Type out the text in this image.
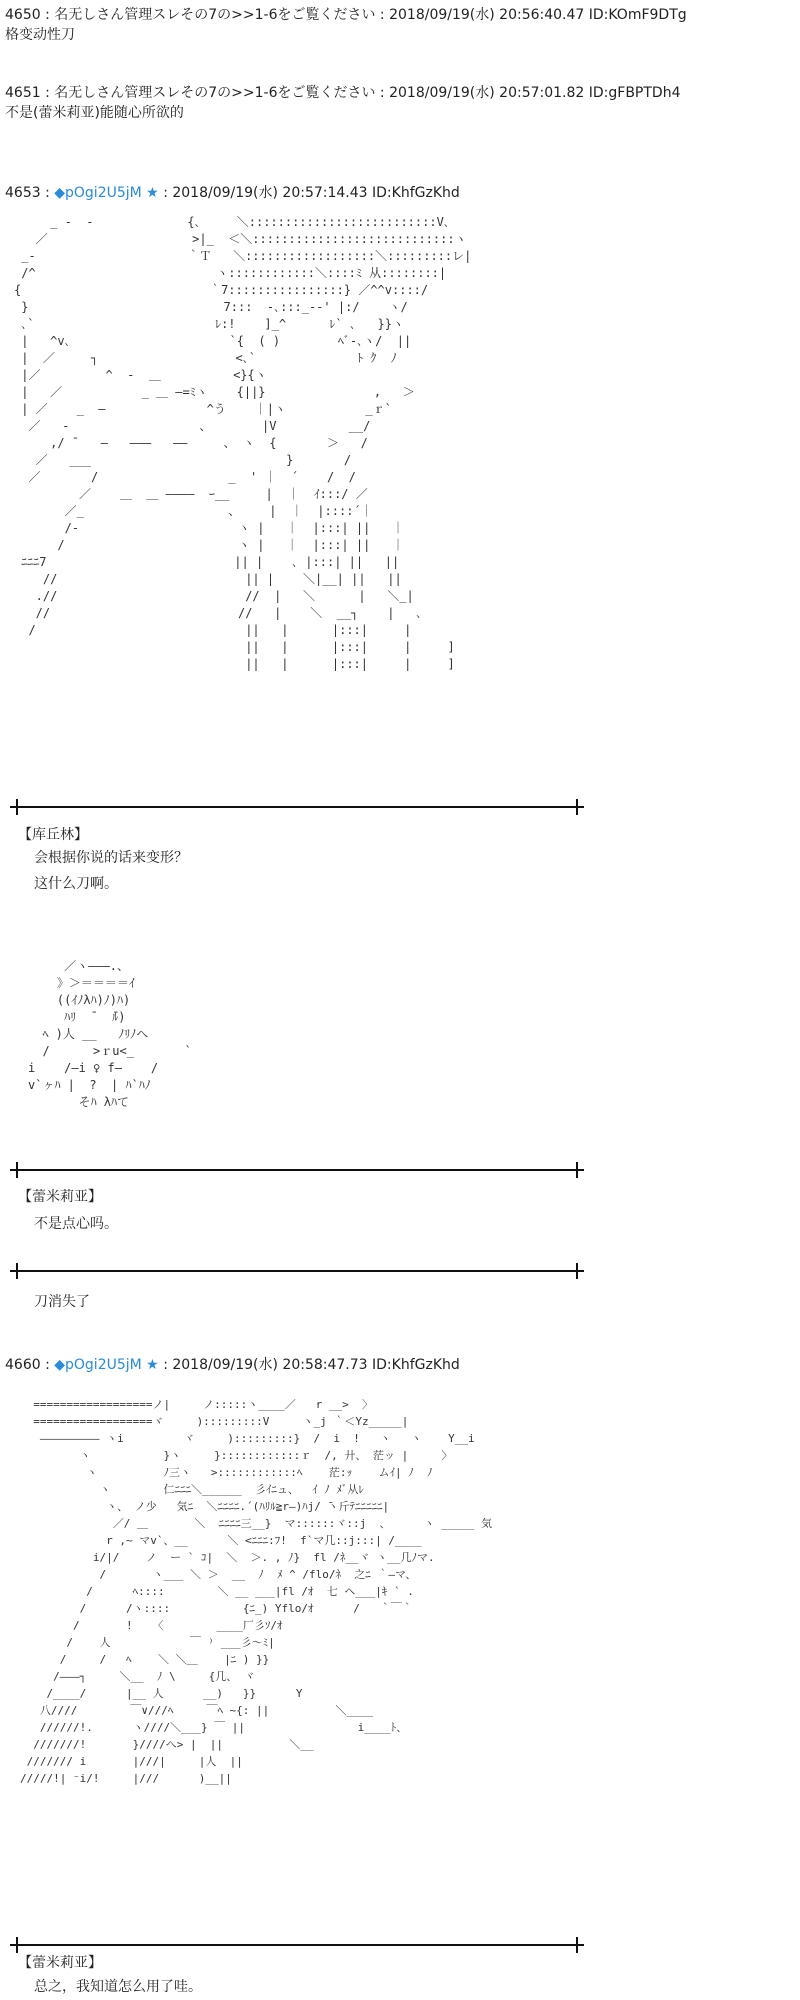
4650 : 名无しさん管理スレその7の>>1-6をご覧ください : 2018/09/19(水) 20:56:40.47 ID:KOmF9DTg
格变动性刀
4651 : 名无しさん管理スレその7の>>1-6をご覧ください : 2018/09/19(水) 20:57:01.82 ID:gFBPTDh4
不是(蕾米莉亚)能随心所欲的
4653 : ◆pOgi2U5jM ★ : 2018/09/19(水) 20:57:14.43 ID:KhfGzKhd
_ -  ‐             {､     ＼::::::::::::::::::::::::::V､
／                    >|_  ＜＼::::::::::::::::::::::::::::ヽ
_‐                     ｀Ｔ   ＼::::::::::::::::::＼:::::::::レ|
/^                         ヽ::::::::::::＼::::ﾐ 从::::::::|
{                          ｀7::::::::::::::::} ／^^v::::/
}                           7:::  -､:::_-‐' |:/    ヽ/
､`                         ﾚ:!    ]_^      ﾚ` ､   }}ヽ
|   ^v､                      `{  ( )        ﾍﾞ-､ヽ/  ||
|  ／     ┐                   <､`              ﾄ ｸ  ﾉ
|／         ^  ‐  ＿          <}{ヽ
|   ／           _ ＿ ―=ﾐヽ    {||}               ,   ＞
| ／    _  ―              ^う    ｜|ヽ           _ｒ`
／   ‐                  、       |V          __/
,/ ̄    ―   ―――   ――     、 ヽ  {       ＞   /
／   ___                           }       /
／       /                  _  ' ｜  ´    /  /
／    ＿  ＿ ――――  ｰ__     |  ｜  ｲ:::/ ／
／_                    、    |  ｜  |::::´｜
/‐                      ヽ |   ｜  |:::| ||   ｜
/                        ヽ |   ｜  |:::| ||   ｜
ﾆﾆﾆ7                          || |    ､ |:::| ||   ||
//                          || |    ＼|__| ||   ||
.//                          //  |   ＼      |   ＼_|
//                          //   |    ＼  __┐    |   ､
/                             ||   |      |:::|     |
||   |      |:::|     |     ]
||   |      |:::|     |     ]
【库丘林】
会根据你说的话来变形？
这什么刀啊。
／ヽ―――.、
》＞＝＝＝＝ｲ
((ｲﾉλﾊ)ﾉ)ﾊ)
ﾊﾘ  ̄   ̄ﾙ)
ﾍ )人 __   ﾉﾘﾉへ
/      >ｒu<_       `
i    /―i ♀ f―    /
v`ヶﾊ |  ?  | ﾊ`ﾊﾉ
そﾊ λﾊて
【蕾米莉亚】
不是点心吗。
刀消失了
4660 : ◆pOgi2U5jM ★ : 2018/09/19(水) 20:58:47.73 ID:KhfGzKhd
==================ノ|     ノ:::::ヽ____／   r __>  〉
==================ヾ     ):::::::::V     ヽ_j ｀＜Yz_____|
――――――――― ヽi         ヾ     ):::::::::}  /  i  !   ヽ   ヽ    Y__i
ヽ           }ヽ     }::::::::::::ｒ  /, 廾、 茫ッ |     〉
ヽ          ﾉ三ヽ   >::::::::::::ﾍ    茫:ｯ    ムｲ| ﾉ  ﾉ
ヽ        仁ﾆﾆﾆ＼______  彡ｲﾆュ、  ｲ ﾉ ﾒﾞ从ﾚ
ヽ、 ノ少   気ﾆ  ＼ﾆﾆﾆﾆ.´(ﾊﾘﾙ≧r―)ﾊj/ ̄ヽ斤ﾃﾆﾆﾆﾆﾆ|
／/ ＿       ＼  ﾆﾆﾆﾆ三__}  マ::::::ヾ::j  、     ヽ _____ 気
r ,~ マv`、__      ＼ <ﾆﾆﾆ:ﾌ!  f`マ几::j:::| /____
i/|/    ノ  ー ` ｺ|  ＼  ＞. , ﾉ}  fl /ﾈ__ヾ ヽ__几ﾉマ.
/       ヽ___ ＼ ＞  __  ﾉ  ﾒ ^ /flo/ﾈ  之ﾆ ｀―マ、
/      ﾍ::::        ＼ __ ___|fl /ｵ  七 ヘ___|ｷ ` .
/      /ヽ::::           {ﾆ_) Yflo/ｵ      /   ｀￣｀
/       !   〈        ____厂彡ｿ/ｵ
/    人            ￣ ⁾ ___彡～ﾐ|
/     /   ﾍ    ＼ ＼＿    |ﾆ ) }}
/―――┐     ＼__  ﾉ \     {几、 ヾ
/____/      |__ 人      __)   }}      Y
八////        ￣∨///ﾍ     ￣ﾍ ~{: ||          ＼____
//////!.      ヽ////＼___} ￣ ||                 i____ﾄ、
///////!       }////へ> |  ||          ＼__
/////// i       |///|     |人  ||
/////!| ⁻i/!     |///      )__||
【蕾米莉亚】
总之，我知道怎么用了哇。
